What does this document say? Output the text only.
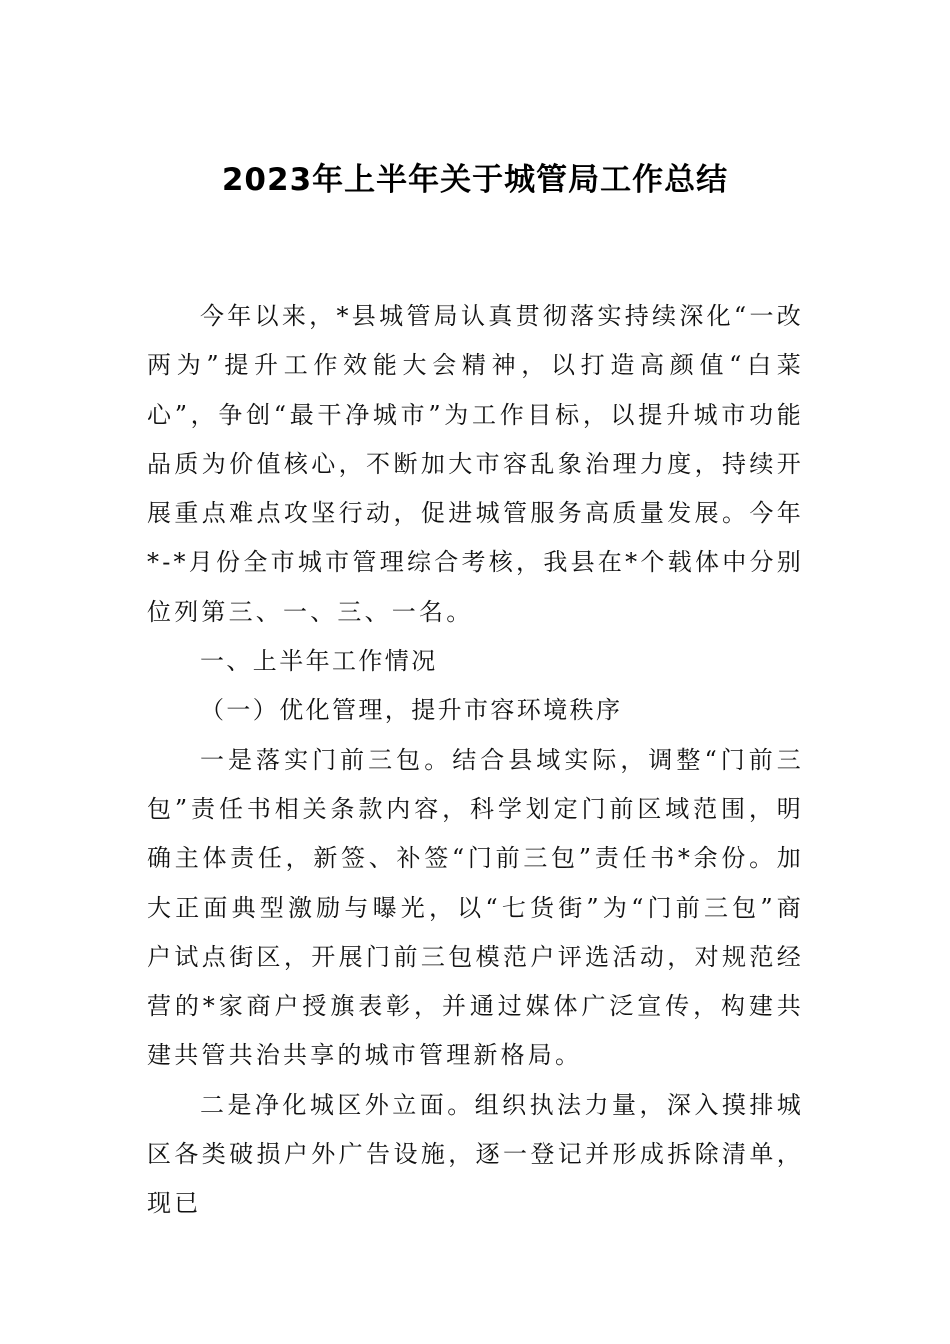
2023年上半年关于城管局工作总结

今年以来，*县城管局认真贯彻落实持续深化“一改两为”提升工作效能大会精神，以打造高颜值“白菜心”，争创“最干净城市”为工作目标，以提升城市功能品质为价值核心，不断加大市容乱象治理力度，持续开展重点难点攻坚行动，促进城管服务高质量发展。今年*-*月份全市城市管理综合考核，我县在*个载体中分别位列第三、一、三、一名。

一、上半年工作情况

（一）优化管理，提升市容环境秩序

一是落实门前三包。结合县域实际，调整“门前三包”责任书相关条款内容，科学划定门前区域范围，明确主体责任，新签、补签“门前三包”责任书*余份。加大正面典型激励与曝光，以“七货街”为“门前三包”商户试点街区，开展门前三包模范户评选活动，对规范经营的*家商户授旗表彰，并通过媒体广泛宣传，构建共建共管共治共享的城市管理新格局。

二是净化城区外立面。组织执法力量，深入摸排城区各类破损户外广告设施，逐一登记并形成拆除清单，现已
